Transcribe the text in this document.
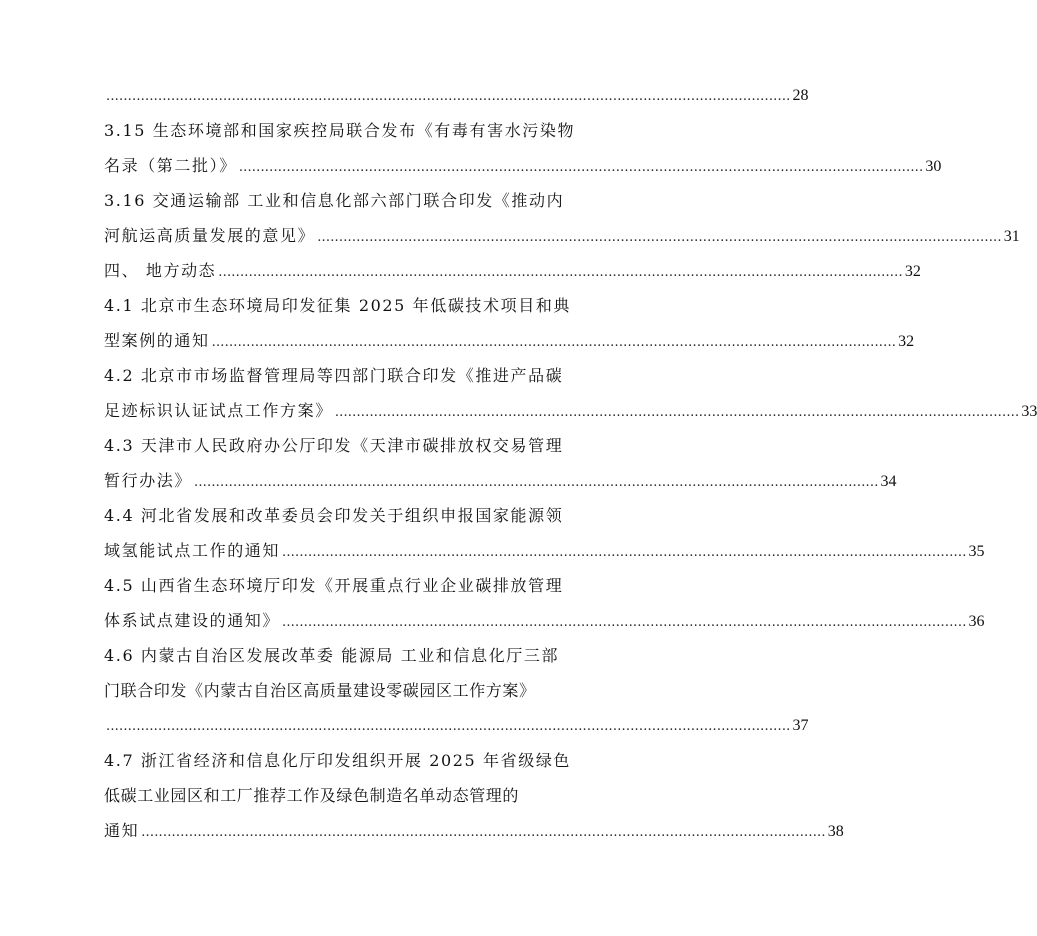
.............................................................................................................................................................. 28
3.15 生态环境部和国家疾控局联合发布《有毒有害水污染物
名录（第二批）》 .............................................................................................................................................................. 30
3.16 交通运输部 工业和信息化部六部门联合印发《推动内
河航运高质量发展的意见》 .............................................................................................................................................................. 31
四、 地方动态 .............................................................................................................................................................. 32
4.1 北京市生态环境局印发征集 2025 年低碳技术项目和典
型案例的通知 .............................................................................................................................................................. 32
4.2 北京市市场监督管理局等四部门联合印发《推进产品碳
足迹标识认证试点工作方案》 .............................................................................................................................................................. 33
4.3 天津市人民政府办公厅印发《天津市碳排放权交易管理
暂行办法》 .............................................................................................................................................................. 34
4.4 河北省发展和改革委员会印发关于组织申报国家能源领
域氢能试点工作的通知 .............................................................................................................................................................. 35
4.5 山西省生态环境厅印发《开展重点行业企业碳排放管理
体系试点建设的通知》 .............................................................................................................................................................. 36
4.6 内蒙古自治区发展改革委 能源局 工业和信息化厅三部
门联合印发《内蒙古自治区高质量建设零碳园区工作方案》
.............................................................................................................................................................. 37
4.7 浙江省经济和信息化厅印发组织开展 2025 年省级绿色
低碳工业园区和工厂推荐工作及绿色制造名单动态管理的
通知 .............................................................................................................................................................. 38
